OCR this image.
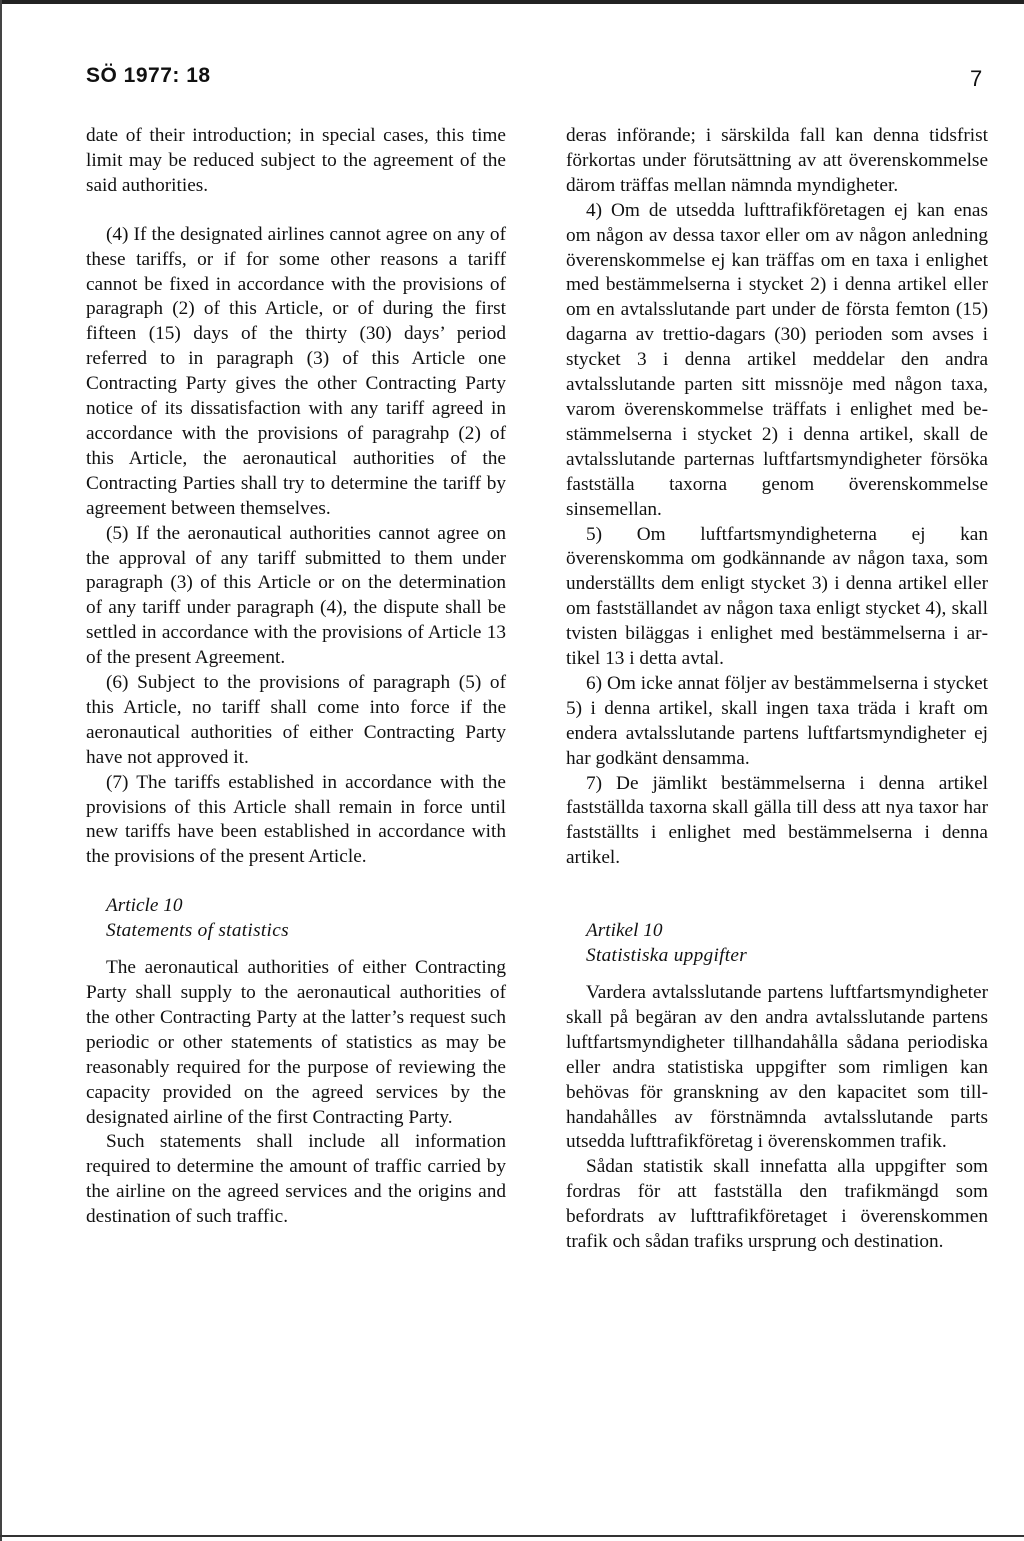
SÖ 1977: 18	7

date of their introduction; in special cases, this time limit may be reduced subject to the agreement of the said authorities.

(4) If the designated airlines cannot agree on any of these tariffs, or if for some other reasons a tariff cannot be fixed in accordance with the provisions of paragraph (2) of this Article, or of during the first fifteen (15) days of the thirty (30) days’ period referred to in paragraph (3) of this Article one Contracting Party gives the other Contracting Party notice of its dissatisfaction with any tariff agreed in accordance with the provisions of paragrahp (2) of this Article, the aeronautical authorities of the Contracting Parties shall try to determine the tariff by agreement between themselves.

(5) If the aeronautical authorities cannot agree on the approval of any tariff submitted to them under paragraph (3) of this Article or on the determination of any tariff under paragraph (4), the dispute shall be settled in accordance with the provisions of Article 13 of the present Agreement.

(6) Subject to the provisions of paragraph (5) of this Article, no tariff shall come into force if the aeronautical authorities of either Contracting Party have not approved it.

(7) The tariffs established in accordance with the provisions of this Article shall remain in force until new tariffs have been established in accordance with the provisions of the present Article.

Article 10

Statements of statistics

The aeronautical authorities of either Contracting Party shall supply to the aeronautical authorities of the other Contracting Party at the latter’s request such periodic or other statements of statistics as may be reasonably required for the purpose of reviewing the capacity provided on the agreed services by the designated airline of the first Contracting Party.

Such statements shall include all information required to determine the amount of traffic carried by the airline on the agreed services and the origins and destination of such traffic.

deras införande; i särskilda fall kan denna tidsfrist förkortas under förutsättning av att överenskommelse därom träffas mellan nämnda myndigheter.

4) Om de utsedda lufttrafikföretagen ej kan enas om någon av dessa taxor eller om av någon anledning överenskommelse ej kan träffas om en taxa i enlighet med bestämmelserna i stycket 2) i denna artikel eller om en avtalsslutande part under de första femton (15) dagarna av trettio-dagars (30) perioden som avses i stycket 3 i denna artikel meddelar den andra avtalsslutande parten sitt missnöje med någon taxa, varom överenskommelse träffats i enlighet med bestämmelserna i stycket 2) i denna artikel, skall de avtalsslutande parternas luftfartsmyndigheter försöka fastställa taxorna genom överenskommelse sinsemellan.

5) Om luftfartsmyndigheterna ej kan överenskomma om godkännande av någon taxa, som underställts dem enligt stycket 3) i denna artikel eller om fastställandet av någon taxa enligt stycket 4), skall tvisten biläggas i enlighet med bestämmelserna i artikel 13 i detta avtal.

6) Om icke annat följer av bestämmelserna i stycket 5) i denna artikel, skall ingen taxa träda i kraft om endera avtalsslutande partens luftfartsmyndigheter ej har godkänt densamma.

7) De jämlikt bestämmelserna i denna artikel fastställda taxorna skall gälla till dess att nya taxor har fastställts i enlighet med bestämmelserna i denna artikel.

Artikel 10

Statistiska uppgifter

Vardera avtalsslutande partens luftfartsmyndigheter skall på begäran av den andra avtalsslutande partens luftfartsmyndigheter tillhandahålla sådana periodiska eller andra statistiska uppgifter som rimligen kan behövas för granskning av den kapacitet som tillhandahålles av förstnämnda avtalsslutande parts utsedda lufttrafikföretag i överenskommen trafik.

Sådan statistik skall innefatta alla uppgifter som fordras för att fastställa den trafikmängd som befordrats av lufttrafikföretaget i överenskommen trafik och sådan trafiks ursprung och destination.
